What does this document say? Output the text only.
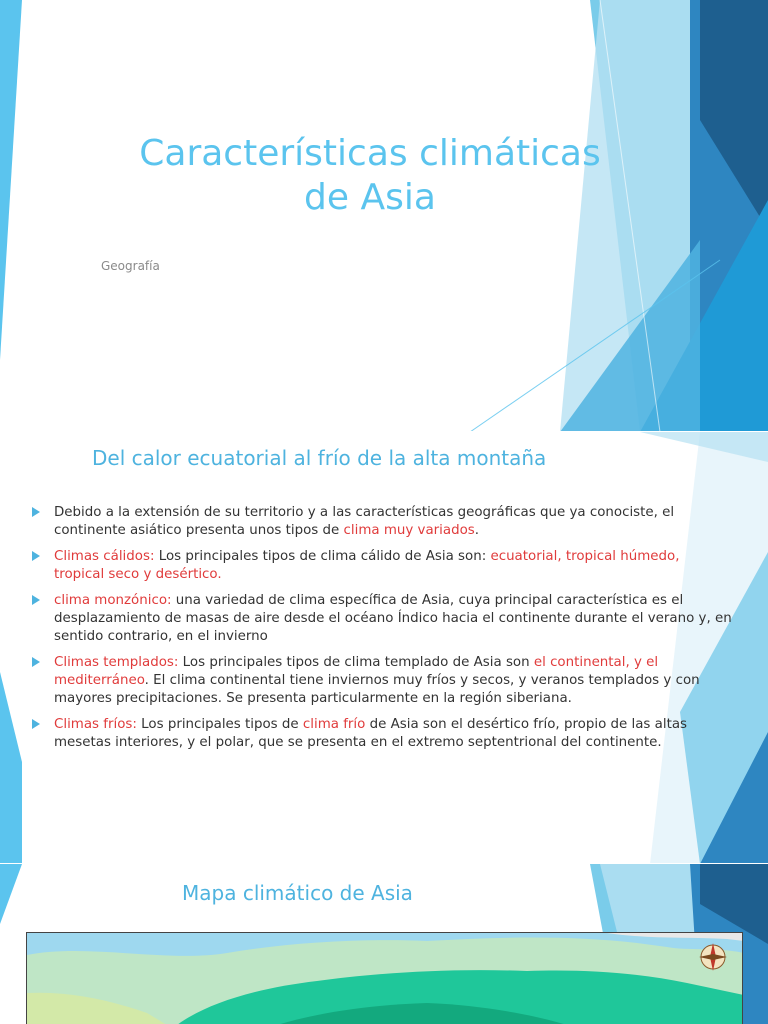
Características climáticas
de Asia

Geografía

Del calor ecuatorial al frío de la alta montaña
Debido a la extensión de su territorio y a las características geográficas que ya conociste, el continente asiático presenta unos tipos de clima muy variados.
Climas cálidos: Los principales tipos de clima cálido de Asia son: ecuatorial, tropical húmedo, tropical seco y desértico.
clima monzónico: una variedad de clima específica de Asia, cuya principal característica es el desplazamiento de masas de aire desde el océano Índico hacia el continente durante el verano y, en sentido contrario, en el invierno
Climas templados: Los principales tipos de clima templado de Asia son el continental, y el mediterráneo. El clima continental tiene inviernos muy fríos y secos, y veranos templados y con mayores precipitaciones. Se presenta particularmente en la región siberiana.
Climas fríos: Los principales tipos de clima frío de Asia son el desértico frío, propio de las altas mesetas interiores, y el polar, que se presenta en el extremo septentrional del continente.
Mapa climático de Asia
